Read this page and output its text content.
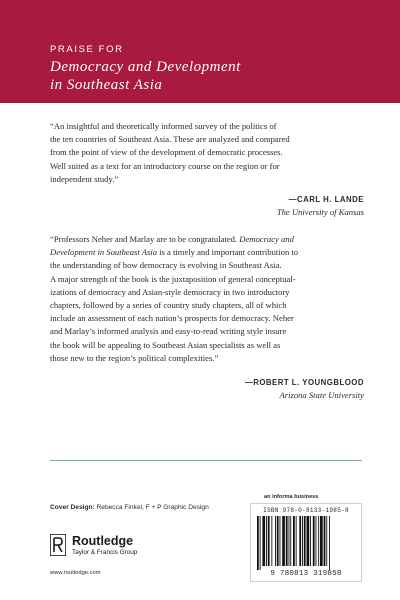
PRAISE FOR
Democracy and Development
in Southeast Asia

“An insightful and theoretically informed survey of the politics of

the ten countries of Southeast Asia. These are analyzed and compared

from the point of view of the development of democratic processes.

Well suited as a text for an introductory course on the region or for

independent study.”

—CARL H. LANDE
The University of Kansas

“Professors Neher and Marlay are to be congratulated. Democracy and

Development in Southeast Asia is a timely and important contribution to

the understanding of how democracy is evolving in Southeast Asia.

A major strength of the book is the juxtaposition of general conceptual-

izations of democracy and Asian-style democracy in two introductory

chapters, followed by a series of country study chapters, all of which

include an assessment of each nation’s prospects for democracy. Neher

and Marlay’s informed analysis and easy-to-read writing style insure

the book will be appealing to Southeast Asian specialists as well as

those new to the region’s political complexities.”

—ROBERT L. YOUNGBLOOD
Arizona State University
Cover Design: Rebecca Finkel, F + P Graphic Design
Routledge
Taylor & Francis Group
www.routledge.com
an informa business
ISBN 978-0-8133-1985-8
9 780813 319858
